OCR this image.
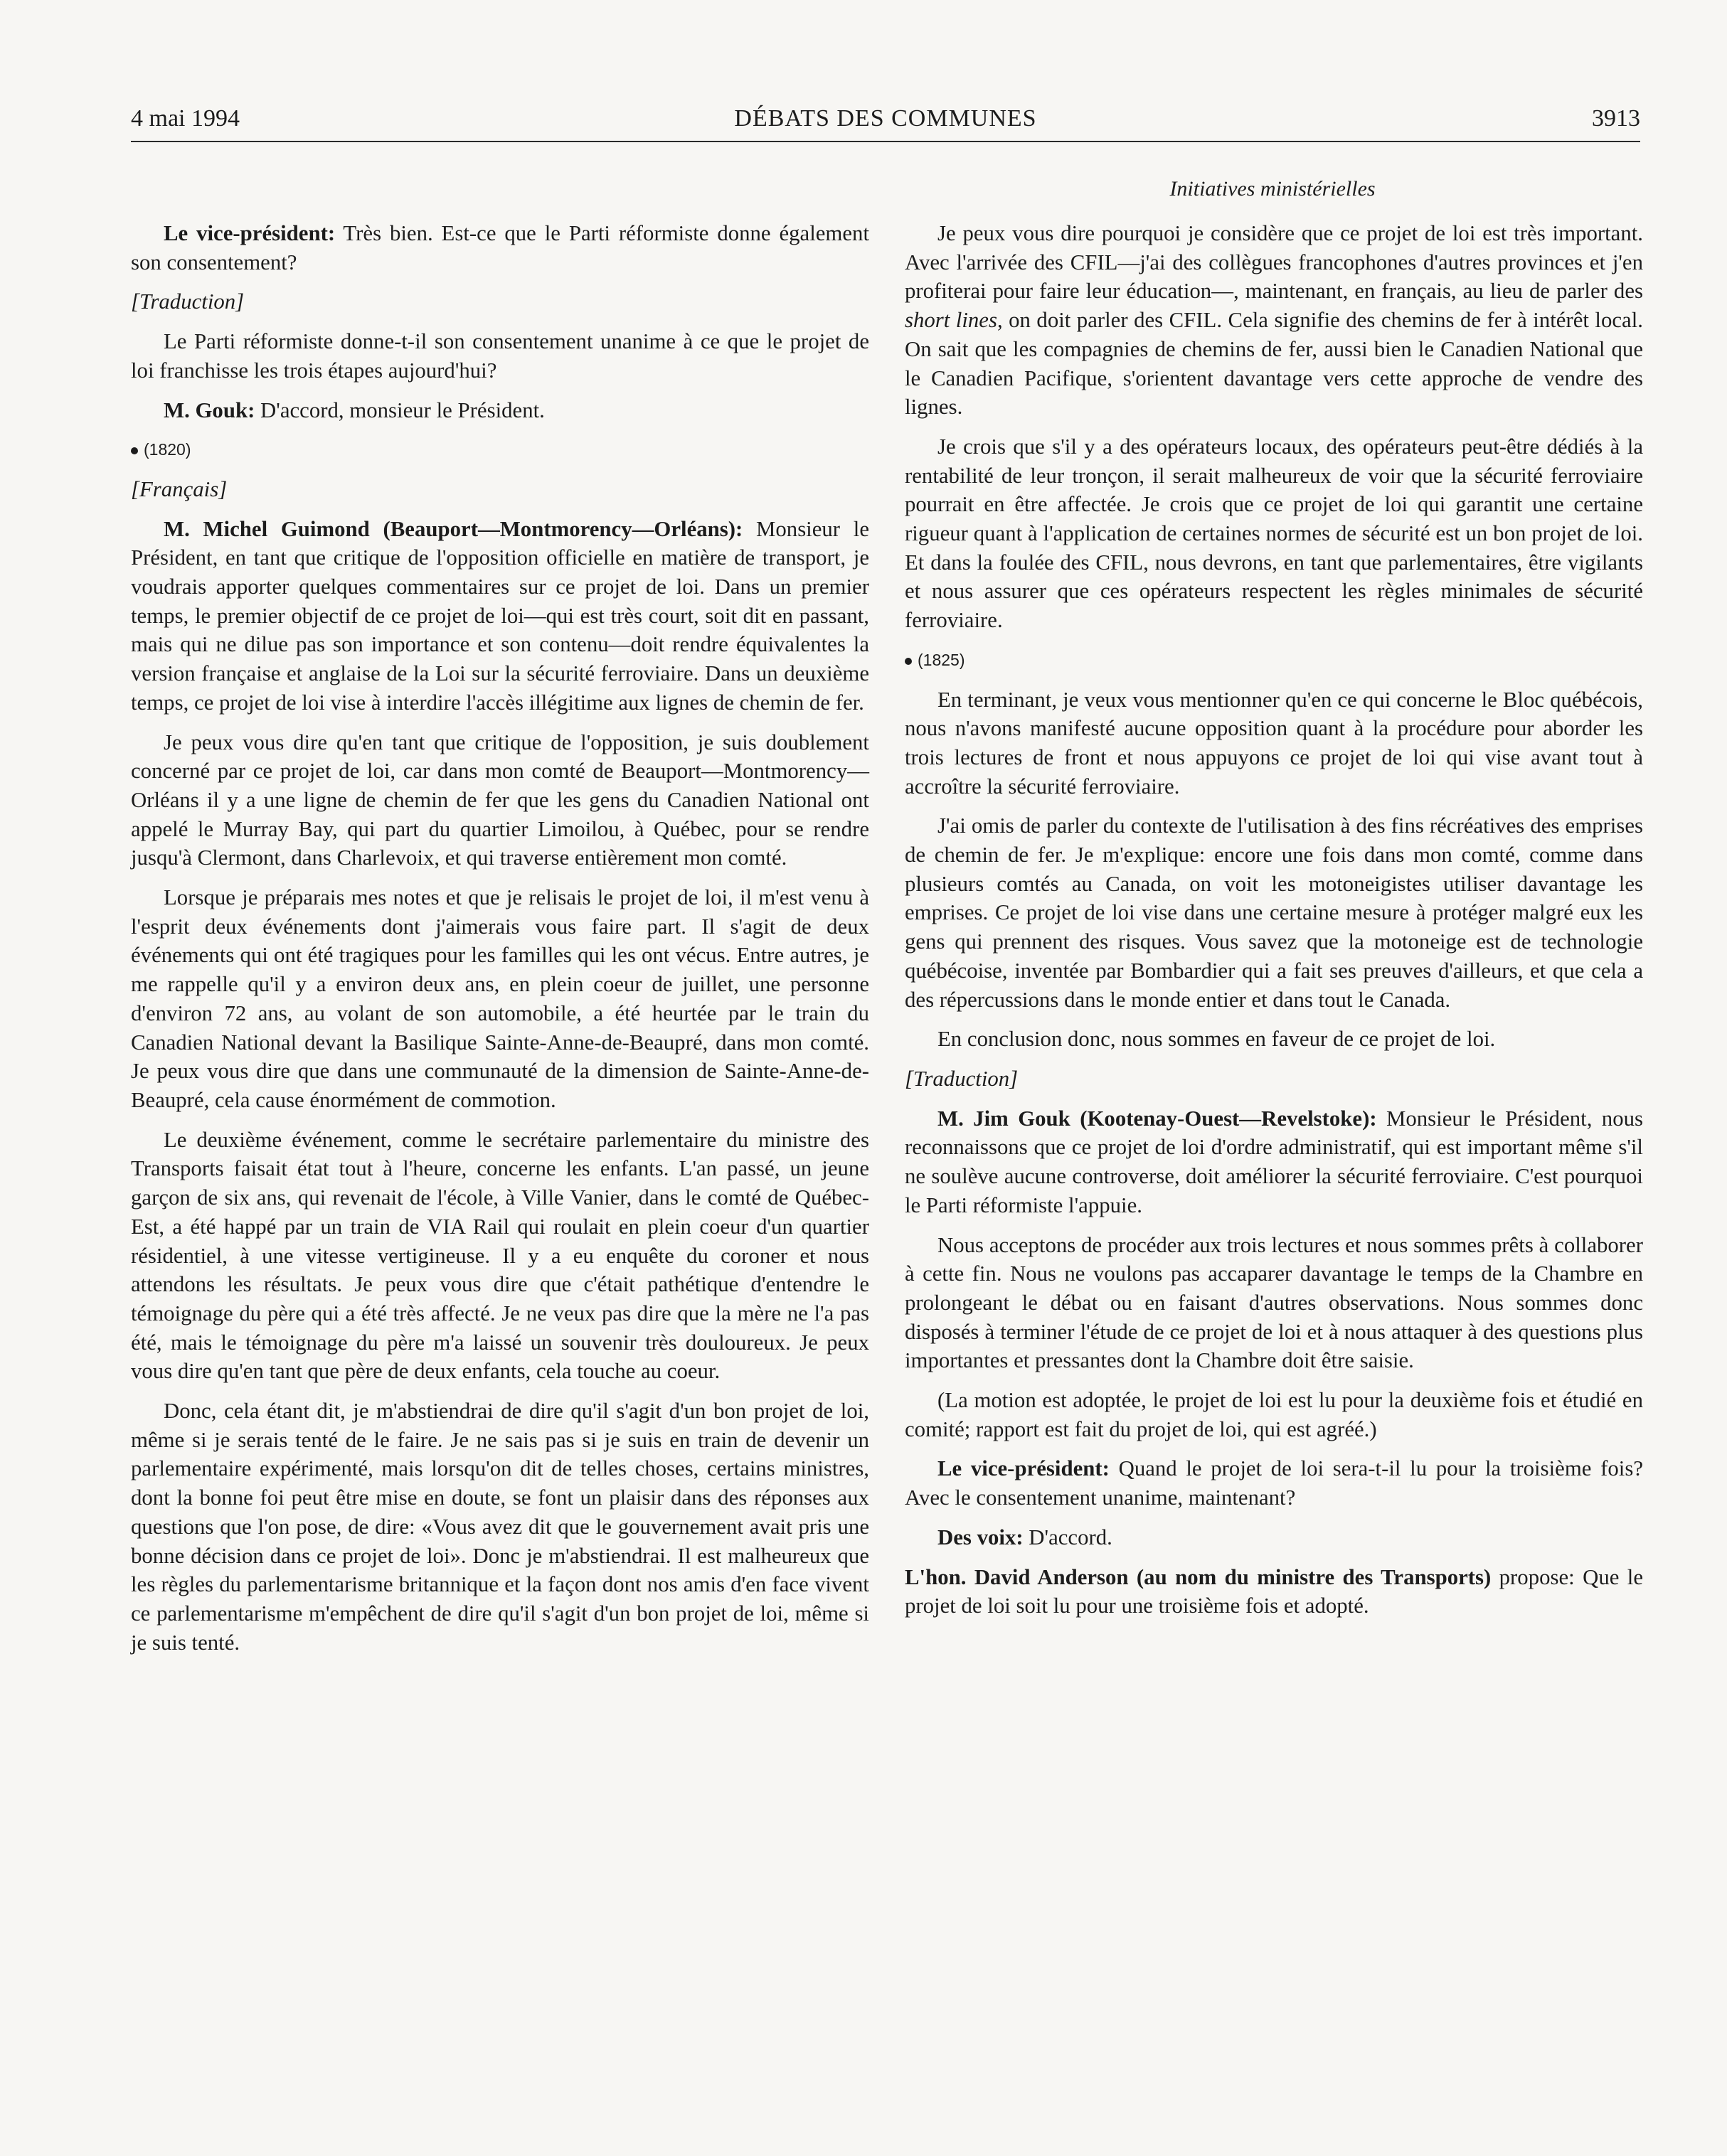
4 mai 1994	DÉBATS DES COMMUNES	3913
Initiatives ministérielles

Le vice-président: Très bien. Est-ce que le Parti réformiste donne également son consentement?

[Traduction]

Le Parti réformiste donne-t-il son consentement unanime à ce que le projet de loi franchisse les trois étapes aujourd'hui?

M. Gouk: D'accord, monsieur le Président.

(1820)
[Français]

M. Michel Guimond (Beauport—Montmorency—Orléans): Monsieur le Président, en tant que critique de l'opposition officielle en matière de transport, je voudrais apporter quelques commentaires sur ce projet de loi. Dans un premier temps, le premier objectif de ce projet de loi—qui est très court, soit dit en passant, mais qui ne dilue pas son importance et son contenu—doit rendre équivalentes la version française et anglaise de la Loi sur la sécurité ferroviaire. Dans un deuxième temps, ce projet de loi vise à interdire l'accès illégitime aux lignes de chemin de fer.

Je peux vous dire qu'en tant que critique de l'opposition, je suis doublement concerné par ce projet de loi, car dans mon comté de Beauport—Montmorency—Orléans il y a une ligne de chemin de fer que les gens du Canadien National ont appelé le Murray Bay, qui part du quartier Limoilou, à Québec, pour se rendre jusqu'à Clermont, dans Charlevoix, et qui traverse entièrement mon comté.

Lorsque je préparais mes notes et que je relisais le projet de loi, il m'est venu à l'esprit deux événements dont j'aimerais vous faire part. Il s'agit de deux événements qui ont été tragiques pour les familles qui les ont vécus. Entre autres, je me rappelle qu'il y a environ deux ans, en plein coeur de juillet, une personne d'environ 72 ans, au volant de son automobile, a été heurtée par le train du Canadien National devant la Basilique Sainte-Anne-de-Beaupré, dans mon comté. Je peux vous dire que dans une communauté de la dimension de Sainte-Anne-de-Beaupré, cela cause énormément de commotion.

Le deuxième événement, comme le secrétaire parlementaire du ministre des Transports faisait état tout à l'heure, concerne les enfants. L'an passé, un jeune garçon de six ans, qui revenait de l'école, à Ville Vanier, dans le comté de Québec-Est, a été happé par un train de VIA Rail qui roulait en plein coeur d'un quartier résidentiel, à une vitesse vertigineuse. Il y a eu enquête du coroner et nous attendons les résultats. Je peux vous dire que c'était pathétique d'entendre le témoignage du père qui a été très affecté. Je ne veux pas dire que la mère ne l'a pas été, mais le témoignage du père m'a laissé un souvenir très douloureux. Je peux vous dire qu'en tant que père de deux enfants, cela touche au coeur.

Donc, cela étant dit, je m'abstiendrai de dire qu'il s'agit d'un bon projet de loi, même si je serais tenté de le faire. Je ne sais pas si je suis en train de devenir un parlementaire expérimenté, mais lorsqu'on dit de telles choses, certains ministres, dont la bonne foi peut être mise en doute, se font un plaisir dans des réponses aux questions que l'on pose, de dire: «Vous avez dit que le gouvernement avait pris une bonne décision dans ce projet de loi». Donc je m'abstiendrai. Il est malheureux que les règles du parlementarisme britannique et la façon dont nos amis d'en face vivent ce parlementarisme m'empêchent de dire qu'il s'agit d'un bon projet de loi, même si je suis tenté.

Je peux vous dire pourquoi je considère que ce projet de loi est très important. Avec l'arrivée des CFIL—j'ai des collègues francophones d'autres provinces et j'en profiterai pour faire leur éducation—, maintenant, en français, au lieu de parler des short lines, on doit parler des CFIL. Cela signifie des chemins de fer à intérêt local. On sait que les compagnies de chemins de fer, aussi bien le Canadien National que le Canadien Pacifique, s'orientent davantage vers cette approche de vendre des lignes.

Je crois que s'il y a des opérateurs locaux, des opérateurs peut-être dédiés à la rentabilité de leur tronçon, il serait malheureux de voir que la sécurité ferroviaire pourrait en être affectée. Je crois que ce projet de loi qui garantit une certaine rigueur quant à l'application de certaines normes de sécurité est un bon projet de loi. Et dans la foulée des CFIL, nous devrons, en tant que parlementaires, être vigilants et nous assurer que ces opérateurs respectent les règles minimales de sécurité ferroviaire.

(1825)

En terminant, je veux vous mentionner qu'en ce qui concerne le Bloc québécois, nous n'avons manifesté aucune opposition quant à la procédure pour aborder les trois lectures de front et nous appuyons ce projet de loi qui vise avant tout à accroître la sécurité ferroviaire.

J'ai omis de parler du contexte de l'utilisation à des fins récréatives des emprises de chemin de fer. Je m'explique: encore une fois dans mon comté, comme dans plusieurs comtés au Canada, on voit les motoneigistes utiliser davantage les emprises. Ce projet de loi vise dans une certaine mesure à protéger malgré eux les gens qui prennent des risques. Vous savez que la motoneige est de technologie québécoise, inventée par Bombardier qui a fait ses preuves d'ailleurs, et que cela a des répercussions dans le monde entier et dans tout le Canada.

En conclusion donc, nous sommes en faveur de ce projet de loi.

[Traduction]

M. Jim Gouk (Kootenay-Ouest—Revelstoke): Monsieur le Président, nous reconnaissons que ce projet de loi d'ordre administratif, qui est important même s'il ne soulève aucune controverse, doit améliorer la sécurité ferroviaire. C'est pourquoi le Parti réformiste l'appuie.

Nous acceptons de procéder aux trois lectures et nous sommes prêts à collaborer à cette fin. Nous ne voulons pas accaparer davantage le temps de la Chambre en prolongeant le débat ou en faisant d'autres observations. Nous sommes donc disposés à terminer l'étude de ce projet de loi et à nous attaquer à des questions plus importantes et pressantes dont la Chambre doit être saisie.

(La motion est adoptée, le projet de loi est lu pour la deuxième fois et étudié en comité; rapport est fait du projet de loi, qui est agréé.)

Le vice-président: Quand le projet de loi sera-t-il lu pour la troisième fois? Avec le consentement unanime, maintenant?

Des voix: D'accord.

L'hon. David Anderson (au nom du ministre des Transports) propose: Que le projet de loi soit lu pour une troisième fois et adopté.
